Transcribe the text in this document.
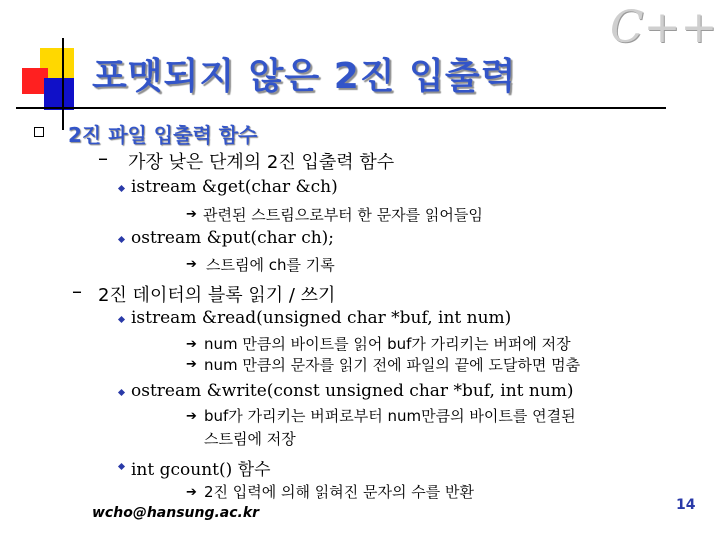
C++
포맷되지 않은 2진 입출력
2진 파일 입출력 함수
– 가장 낮은 단계의 2진 입출력 함수
istream &get(char &ch)
➔ 관련된 스트림으로부터 한 문자를 읽어들임
ostream &put(char ch);
➔ 스트림에 ch를 기록
– 2진 데이터의 블록 읽기 / 쓰기
istream &read(unsigned char *buf, int num)
➔ num 만큼의 바이트를 읽어 buf가 가리키는 버퍼에 저장
➔ num 만큼의 문자를 읽기 전에 파일의 끝에 도달하면 멈춤
ostream &write(const unsigned char *buf, int num)
➔ buf가 가리키는 버퍼로부터 num만큼의 바이트를 연결된
스트림에 저장
int gcount() 함수
➔ 2진 입력에 의해 읽혀진 문자의 수를 반환
wcho@hansung.ac.kr	14
